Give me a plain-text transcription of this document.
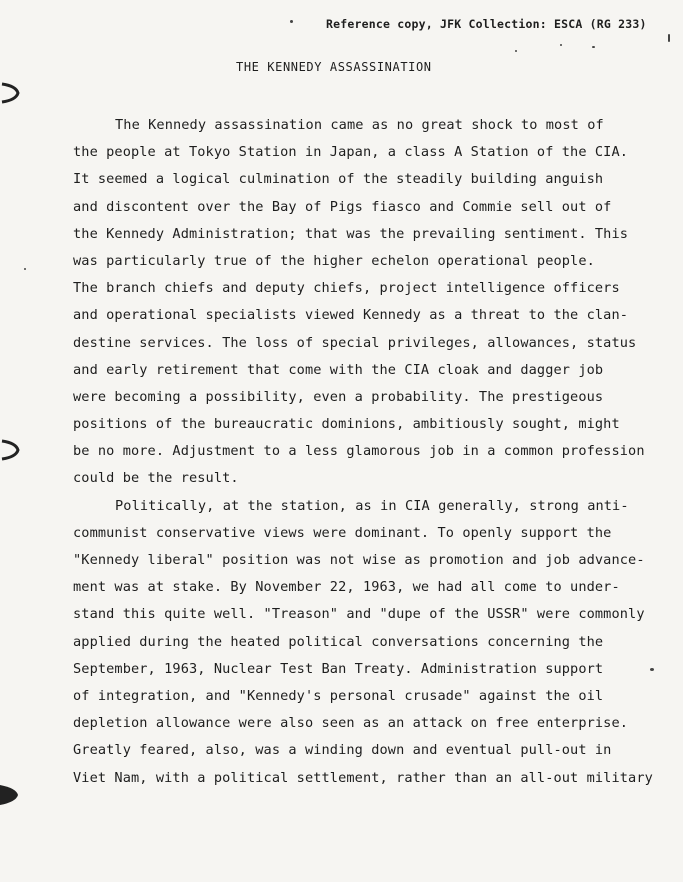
Reference copy, JFK Collection: ESCA (RG 233)
THE KENNEDY ASSASSINATION
The Kennedy assassination came as no great shock to most of
the people at Tokyo Station in Japan, a class A Station of the CIA.
It seemed a logical culmination of the steadily building anguish
and discontent over the Bay of Pigs fiasco and Commie sell out of
the Kennedy Administration; that was the prevailing sentiment. This
was particularly true of the higher echelon operational people.
The branch chiefs and deputy chiefs, project intelligence officers
and operational specialists viewed Kennedy as a threat to the clan-
destine services. The loss of special privileges, allowances, status
and early retirement that come with the CIA cloak and dagger job
were becoming a possibility, even a probability. The prestigeous
positions of the bureaucratic dominions, ambitiously sought, might
be no more. Adjustment to a less glamorous job in a common profession
could be the result.
Politically, at the station, as in CIA generally, strong anti-
communist conservative views were dominant. To openly support the
"Kennedy liberal" position was not wise as promotion and job advance-
ment was at stake. By November 22, 1963, we had all come to under-
stand this quite well. "Treason" and "dupe of the USSR" were commonly
applied during the heated political conversations concerning the
September, 1963, Nuclear Test Ban Treaty. Administration support
of integration, and "Kennedy's personal crusade" against the oil
depletion allowance were also seen as an attack on free enterprise.
Greatly feared, also, was a winding down and eventual pull-out in
Viet Nam, with a political settlement, rather than an all-out military
